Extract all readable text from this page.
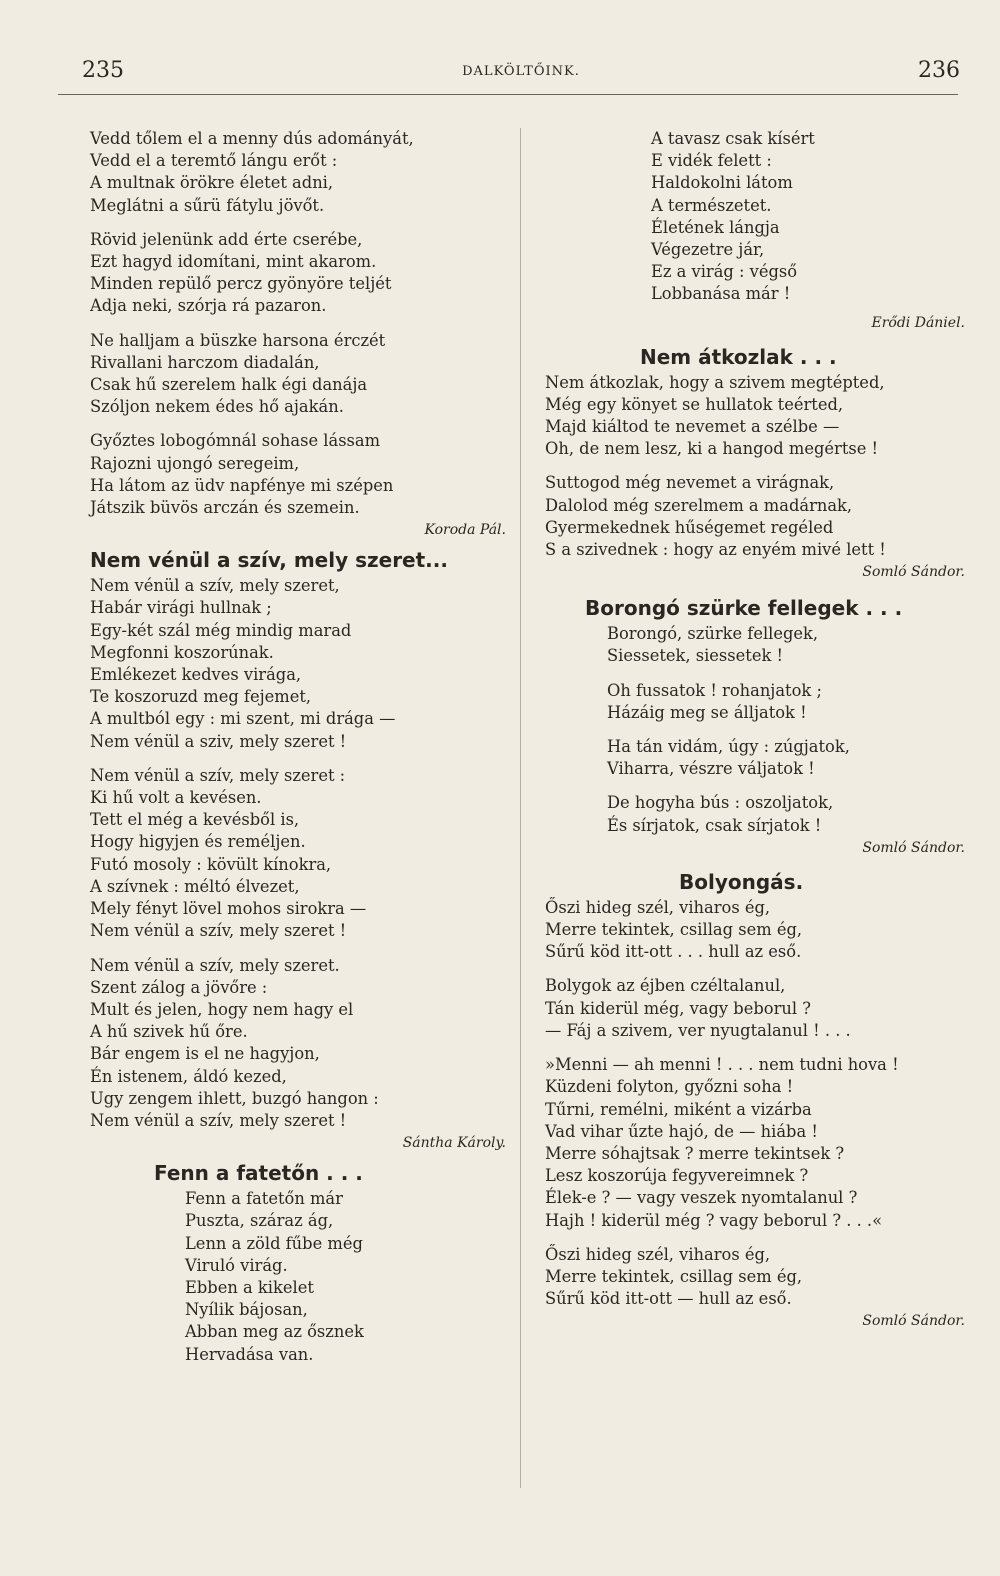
235	DALKÖLTŐINK.	236
Vedd tőlem el a menny dús adományát,
Vedd el a teremtő lángu erőt :
A multnak örökre életet adni,
Meglátni a sűrü fátylu jövőt.
Rövid jelenünk add érte cserébe,
Ezt hagyd idomítani, mint akarom.
Minden repülő percz gyönyöre teljét
Adja neki, szórja rá pazaron.
Ne halljam a büszke harsona érczét
Rivallani harczom diadalán,
Csak hű szerelem halk égi danája
Szóljon nekem édes hő ajakán.
Győztes lobogómnál sohase lássam
Rajozni ujongó seregeim,
Ha látom az üdv napfénye mi szépen
Játszik büvös arczán és szemein.
Koroda Pál.
Nem vénül a szív, mely szeret...
Nem vénül a szív, mely szeret,
Habár virági hullnak ;
Egy-két szál még mindig marad
Megfonni koszorúnak.
Emlékezet kedves virága,
Te koszoruzd meg fejemet,
A multból egy : mi szent, mi drága —
Nem vénül a sziv, mely szeret !
Nem vénül a szív, mely szeret :
Ki hű volt a kevésen.
Tett el még a kevésből is,
Hogy higyjen és reméljen.
Futó mosoly : kövült kínokra,
A szívnek : méltó élvezet,
Mely fényt lövel mohos sirokra —
Nem vénül a szív, mely szeret !
Nem vénül a szív, mely szeret.
Szent zálog a jövőre :
Mult és jelen, hogy nem hagy el
A hű szivek hű őre.
Bár engem is el ne hagyjon,
Én istenem, áldó kezed,
Ugy zengem ihlett, buzgó hangon :
Nem vénül a szív, mely szeret !
Sántha Károly.
Fenn a fatetőn . . .
Fenn a fatetőn már
Puszta, száraz ág,
Lenn a zöld fűbe még
Viruló virág.
Ebben a kikelet
Nyílik bájosan,
Abban meg az ősznek
Hervadása van.
A tavasz csak kísért
E vidék felett :
Haldokolni látom
A természetet.
Életének lángja
Végezetre jár,
Ez a virág : végső
Lobbanása már !
Erődi Dániel.
Nem átkozlak . . .
Nem átkozlak, hogy a szivem megtépted,
Még egy könyet se hullatok teérted,
Majd kiáltod te nevemet a szélbe —
Oh, de nem lesz, ki a hangod megértse !
Suttogod még nevemet a virágnak,
Dalolod még szerelmem a madárnak,
Gyermekednek hűségemet regéled
S a szivednek : hogy az enyém mivé lett !
Somló Sándor.
Borongó szürke fellegek . . .
Borongó, szürke fellegek,
Siessetek, siessetek !
Oh fussatok ! rohanjatok ;
Házáig meg se álljatok !
Ha tán vidám, úgy : zúgjatok,
Viharra, vészre váljatok !
De hogyha bús : oszoljatok,
És sírjatok, csak sírjatok !
Somló Sándor.
Bolyongás.
Őszi hideg szél, viharos ég,
Merre tekintek, csillag sem ég,
Sűrű köd itt-ott . . . hull az eső.
Bolygok az éjben czéltalanul,
Tán kiderül még, vagy beborul ?
— Fáj a szivem, ver nyugtalanul ! . . .
»Menni — ah menni ! . . . nem tudni hova !
Küzdeni folyton, győzni soha !
Tűrni, remélni, miként a vizárba
Vad vihar űzte hajó, de — hiába !
Merre sóhajtsak ? merre tekintsek ?
Lesz koszorúja fegyvereimnek ?
Élek-e ? — vagy veszek nyomtalanul ?
Hajh ! kiderül még ? vagy beborul ? . . .«
Őszi hideg szél, viharos ég,
Merre tekintek, csillag sem ég,
Sűrű köd itt-ott — hull az eső.
Somló Sándor.
